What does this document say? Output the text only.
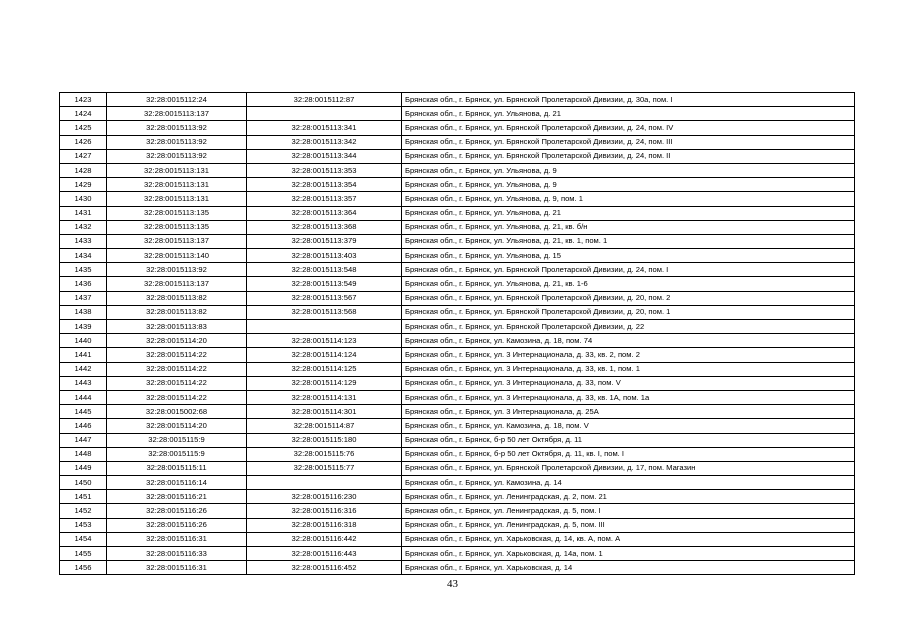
1423	32:28:0015112:24	32:28:0015112:87	Брянская обл., г. Брянск, ул. Брянской Пролетарской Дивизии, д. 30а, пом. I
1424	32:28:0015113:137		Брянская обл., г. Брянск, ул. Ульянова, д. 21
1425	32:28:0015113:92	32:28:0015113:341	Брянская обл., г. Брянск, ул. Брянской Пролетарской Дивизии, д. 24, пом. IV
1426	32:28:0015113:92	32:28:0015113:342	Брянская обл., г. Брянск, ул. Брянской Пролетарской Дивизии, д. 24, пом. III
1427	32:28:0015113:92	32:28:0015113:344	Брянская обл., г. Брянск, ул. Брянской Пролетарской Дивизии, д. 24, пом. II
1428	32:28:0015113:131	32:28:0015113:353	Брянская обл., г. Брянск, ул. Ульянова, д. 9
1429	32:28:0015113:131	32:28:0015113:354	Брянская обл., г. Брянск, ул. Ульянова, д. 9
1430	32:28:0015113:131	32:28:0015113:357	Брянская обл., г. Брянск, ул. Ульянова, д. 9, пом. 1
1431	32:28:0015113:135	32:28:0015113:364	Брянская обл., г. Брянск, ул. Ульянова, д. 21
1432	32:28:0015113:135	32:28:0015113:368	Брянская обл., г. Брянск, ул. Ульянова, д. 21, кв. б/н
1433	32:28:0015113:137	32:28:0015113:379	Брянская обл., г. Брянск, ул. Ульянова, д. 21, кв. 1, пом. 1
1434	32:28:0015113:140	32:28:0015113:403	Брянская обл., г. Брянск, ул. Ульянова, д. 15
1435	32:28:0015113:92	32:28:0015113:548	Брянская обл., г. Брянск, ул. Брянской Пролетарской Дивизии, д. 24, пом. I
1436	32:28:0015113:137	32:28:0015113:549	Брянская обл., г. Брянск, ул. Ульянова, д. 21, кв. 1-6
1437	32:28:0015113:82	32:28:0015113:567	Брянская обл., г. Брянск, ул. Брянской Пролетарской Дивизии, д. 20, пом. 2
1438	32:28:0015113:82	32:28:0015113:568	Брянская обл., г. Брянск, ул. Брянской Пролетарской Дивизии, д. 20, пом. 1
1439	32:28:0015113:83		Брянская обл., г. Брянск, ул. Брянской Пролетарской Дивизии, д. 22
1440	32:28:0015114:20	32:28:0015114:123	Брянская обл., г. Брянск, ул. Камозина, д. 18, пом. 74
1441	32:28:0015114:22	32:28:0015114:124	Брянская обл., г. Брянск, ул. 3 Интернационала, д. 33, кв. 2, пом. 2
1442	32:28:0015114:22	32:28:0015114:125	Брянская обл., г. Брянск, ул. 3 Интернационала, д. 33, кв. 1, пом. 1
1443	32:28:0015114:22	32:28:0015114:129	Брянская обл., г. Брянск, ул. 3 Интернационала, д. 33, пом. V
1444	32:28:0015114:22	32:28:0015114:131	Брянская обл., г. Брянск, ул. 3 Интернационала, д. 33, кв. 1А, пом. 1а
1445	32:28:0015002:68	32:28:0015114:301	Брянская обл., г. Брянск, ул. 3 Интернационала, д. 25А
1446	32:28:0015114:20	32:28:0015114:87	Брянская обл., г. Брянск, ул. Камозина, д. 18, пом. V
1447	32:28:0015115:9	32:28:0015115:180	Брянская обл., г. Брянск, б-р 50 лет Октября, д. 11
1448	32:28:0015115:9	32:28:0015115:76	Брянская обл., г. Брянск, б-р 50 лет Октября, д. 11, кв. I, пом. I
1449	32:28:0015115:11	32:28:0015115:77	Брянская обл., г. Брянск, ул. Брянской Пролетарской Дивизии, д. 17, пом. Магазин
1450	32:28:0015116:14		Брянская обл., г. Брянск, ул. Камозина, д. 14
1451	32:28:0015116:21	32:28:0015116:230	Брянская обл., г. Брянск, ул. Ленинградская, д. 2, пом. 21
1452	32:28:0015116:26	32:28:0015116:316	Брянская обл., г. Брянск, ул. Ленинградская, д. 5, пом. I
1453	32:28:0015116:26	32:28:0015116:318	Брянская обл., г. Брянск, ул. Ленинградская, д. 5, пом. III
1454	32:28:0015116:31	32:28:0015116:442	Брянская обл., г. Брянск, ул. Харьковская, д. 14, кв. А, пом. А
1455	32:28:0015116:33	32:28:0015116:443	Брянская обл., г. Брянск, ул. Харьковская, д. 14а, пом. 1
1456	32:28:0015116:31	32:28:0015116:452	Брянская обл., г. Брянск, ул. Харьковская, д. 14
43
